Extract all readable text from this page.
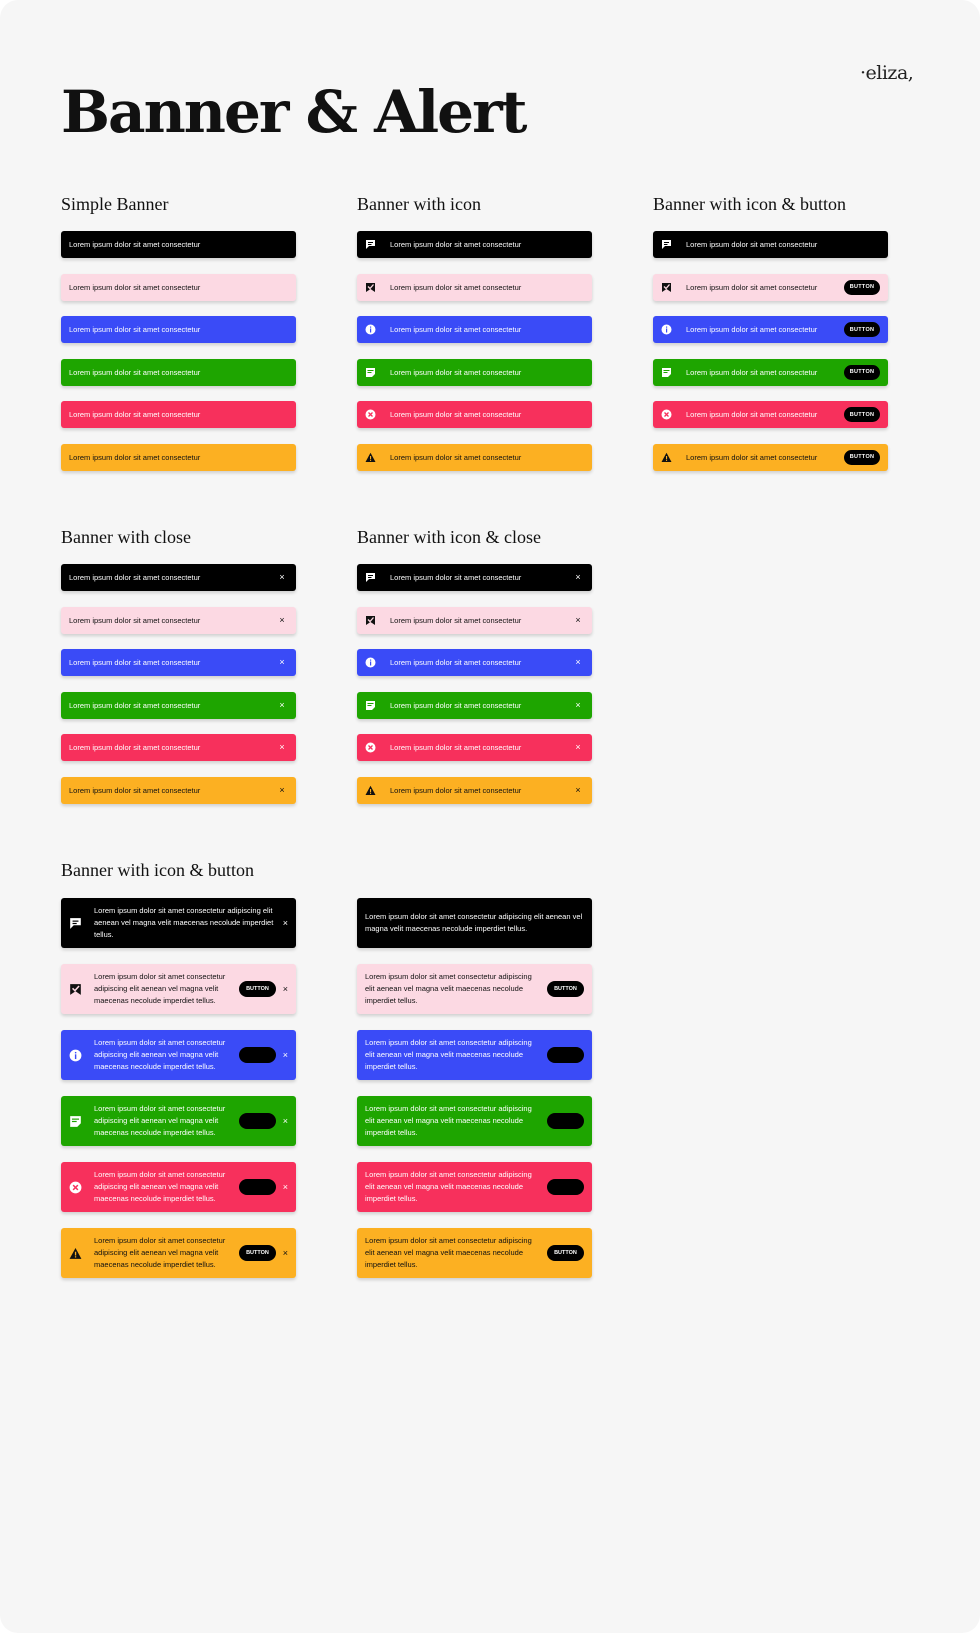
·eliza,
Banner & Alert
Simple Banner
Lorem ipsum dolor sit amet consectetur
Lorem ipsum dolor sit amet consectetur
Lorem ipsum dolor sit amet consectetur
Lorem ipsum dolor sit amet consectetur
Lorem ipsum dolor sit amet consectetur
Lorem ipsum dolor sit amet consectetur
Banner with icon
Lorem ipsum dolor sit amet consectetur
Lorem ipsum dolor sit amet consectetur
Lorem ipsum dolor sit amet consectetur
Lorem ipsum dolor sit amet consectetur
Lorem ipsum dolor sit amet consectetur
Lorem ipsum dolor sit amet consectetur
Banner with icon & button
Lorem ipsum dolor sit amet consectetur
Lorem ipsum dolor sit amet consectetur	BUTTON
Lorem ipsum dolor sit amet consectetur	BUTTON
Lorem ipsum dolor sit amet consectetur	BUTTON
Lorem ipsum dolor sit amet consectetur	BUTTON
Lorem ipsum dolor sit amet consectetur	BUTTON
Banner with close
Lorem ipsum dolor sit amet consectetur	×
Lorem ipsum dolor sit amet consectetur	×
Lorem ipsum dolor sit amet consectetur	×
Lorem ipsum dolor sit amet consectetur	×
Lorem ipsum dolor sit amet consectetur	×
Lorem ipsum dolor sit amet consectetur	×
Banner with icon & close
Lorem ipsum dolor sit amet consectetur	×
Lorem ipsum dolor sit amet consectetur	×
Lorem ipsum dolor sit amet consectetur	×
Lorem ipsum dolor sit amet consectetur	×
Lorem ipsum dolor sit amet consectetur	×
Lorem ipsum dolor sit amet consectetur	×
Banner with icon & button
Lorem ipsum dolor sit amet consectetur adipiscing elit aenean vel magna velit maecenas necolude imperdiet tellus.
×
Lorem ipsum dolor sit amet consectetur adipiscing elit aenean vel magna velit maecenas necolude imperdiet tellus.
BUTTON	×
Lorem ipsum dolor sit amet consectetur adipiscing elit aenean vel magna velit maecenas necolude imperdiet tellus.
×
Lorem ipsum dolor sit amet consectetur adipiscing elit aenean vel magna velit maecenas necolude imperdiet tellus.
×
Lorem ipsum dolor sit amet consectetur adipiscing elit aenean vel magna velit maecenas necolude imperdiet tellus.
×
Lorem ipsum dolor sit amet consectetur adipiscing elit aenean vel magna velit maecenas necolude imperdiet tellus.
BUTTON	×
Lorem ipsum dolor sit amet consectetur adipiscing elit aenean vel magna velit maecenas necolude imperdiet tellus.
Lorem ipsum dolor sit amet consectetur adipiscing elit aenean vel magna velit maecenas necolude imperdiet tellus.
BUTTON
Lorem ipsum dolor sit amet consectetur adipiscing elit aenean vel magna velit maecenas necolude imperdiet tellus.
Lorem ipsum dolor sit amet consectetur adipiscing elit aenean vel magna velit maecenas necolude imperdiet tellus.
Lorem ipsum dolor sit amet consectetur adipiscing elit aenean vel magna velit maecenas necolude imperdiet tellus.
Lorem ipsum dolor sit amet consectetur adipiscing elit aenean vel magna velit maecenas necolude imperdiet tellus.
BUTTON
